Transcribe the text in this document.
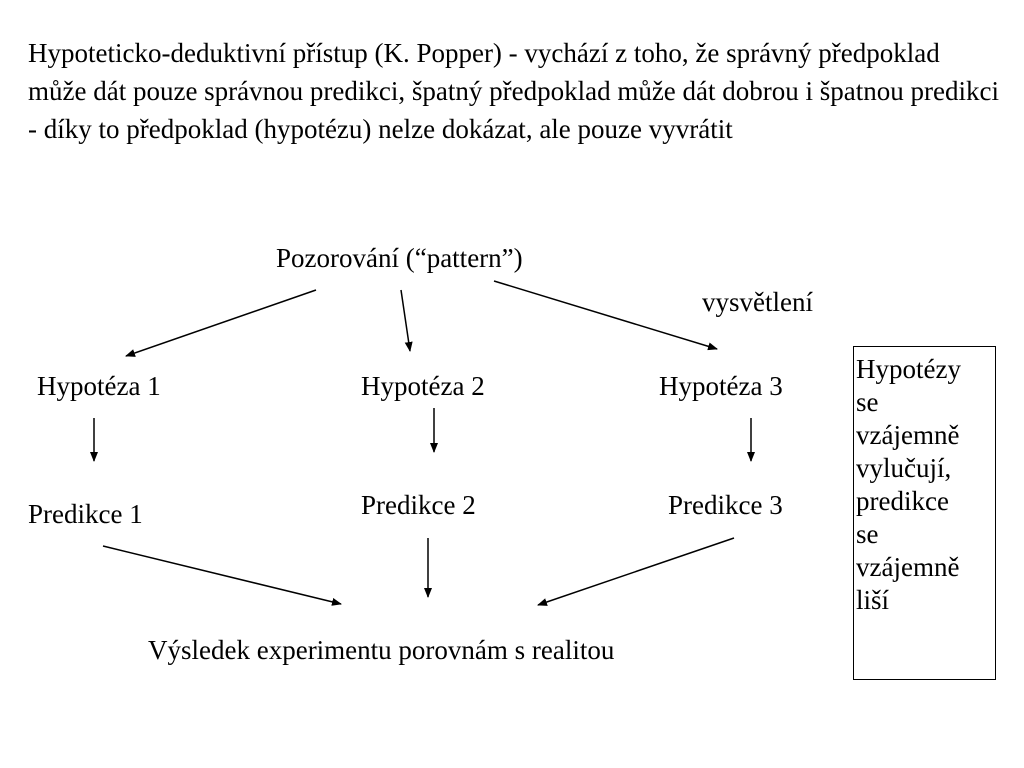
Hypoteticko-deduktivní přístup (K. Popper) - vychází z toho, že správný předpoklad může dát pouze správnou predikci, špatný předpoklad může dát dobrou i špatnou predikci - díky to předpoklad (hypotézu) nelze dokázat, ale pouze vyvrátit

Pozorování (“pattern”)
vysvětlení
Hypotéza 1	Hypotéza 2	Hypotéza 3
Predikce 1	Predikce 2	Predikce 3
Výsledek experimentu porovnám s realitou
Hypotézy
se
vzájemně
vylučují,
predikce
se
vzájemně
liší
